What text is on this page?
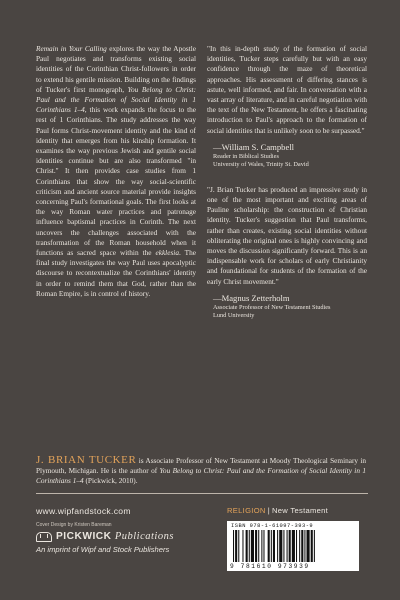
Remain in Your Calling explores the way the Apostle Paul negotiates and transforms existing social identities of the Corinthian Christ-followers in order to extend his gentile mission. Building on the findings of Tucker's first monograph, You Belong to Christ: Paul and the Formation of Social Identity in 1 Corinthians 1–4, this work expands the focus to the rest of 1 Corinthians. The study addresses the way Paul forms Christ-movement identity and the kind of identity that emerges from his kinship formation. It examines the way previous Jewish and gentile social identities continue but are also transformed "in Christ." It then provides case studies from 1 Corinthians that show the way social-scientific criticism and ancient source material provide insights concerning Paul's formational goals. The first looks at the way Roman water practices and patronage influence baptismal practices in Corinth. The next uncovers the challenges associated with the transformation of the Roman household when it functions as sacred space within the ekklesia. The final study investigates the way Paul uses apocalyptic discourse to recontextualize the Corinthians' identity in order to remind them that God, rather than the Roman Empire, is in control of history.

"In this in-depth study of the formation of social identities, Tucker steps carefully but with an easy confidence through the maze of theoretical approaches. His assessment of differing stances is astute, well informed, and fair. In conversation with a vast array of literature, and in careful negotiation with the text of the New Testament, he offers a fascinating introduction to Paul's approach to the formation of social identities that is unlikely soon to be surpassed."
—William S. Campbell
Reader in Biblical Studies
University of Wales, Trinity St. David
"J. Brian Tucker has produced an impressive study in one of the most important and exciting areas of Pauline scholarship: the construction of Christian identity. Tucker's suggestion that Paul transforms, rather than creates, existing social identities without obliterating the original ones is highly convincing and moves the discussion significantly forward. This is an indispensable work for scholars of early Christianity and foundational for students of the formation of the early Christ movement."
—Magnus Zetterholm
Associate Professor of New Testament Studies
Lund University
J. BRIAN TUCKER is Associate Professor of New Testament at Moody Theological Seminary in Plymouth, Michigan. He is the author of You Belong to Christ: Paul and the Formation of Social Identity in 1 Corinthians 1–4 (Pickwick, 2010).
www.wipfandstock.com
Cover Design by Kristen Bareman
PICKWICK
Publications
An imprint of Wipf and Stock Publishers
RELIGION | New Testament
ISBN 978-1-61097-393-9
9 781610 973939
